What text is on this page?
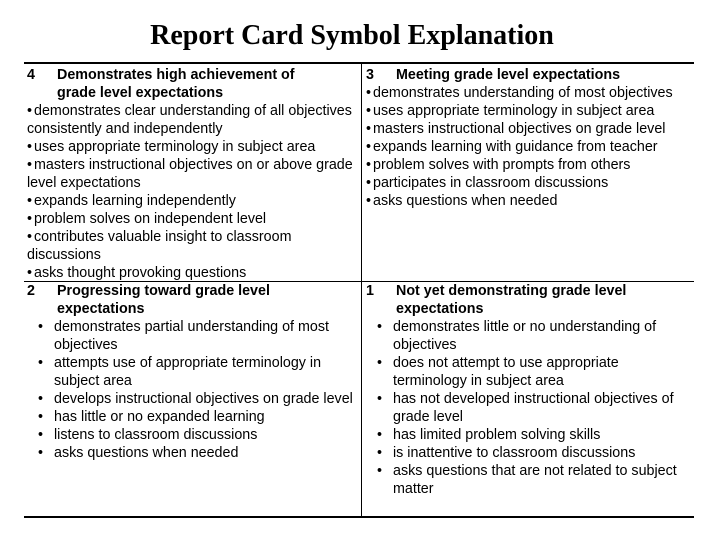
Report Card Symbol Explanation
4	Demonstrates high achievement of
grade level expectations
• demonstrates clear understanding of all objectives consistently and independently
• uses appropriate terminology in subject area
• masters instructional objectives on or above grade level expectations
• expands learning independently
• problem solves on independent level
• contributes valuable insight to classroom discussions
• asks thought provoking questions
3	Meeting grade level expectations
• demonstrates understanding of most objectives
• uses appropriate terminology in subject area
• masters instructional objectives on grade level
• expands learning with guidance from teacher
• problem solves with prompts from others
• participates in classroom discussions
• asks questions when needed
2	Progressing toward grade level
expectations
• demonstrates partial understanding of most objectives
• attempts use of appropriate terminology in subject area
• develops instructional objectives on grade level
• has little or no expanded learning
• listens to classroom discussions
• asks questions when needed
1	Not yet demonstrating grade level
expectations
• demonstrates little or no understanding of objectives
• does not attempt to use appropriate terminology in subject area
• has not developed instructional objectives of grade level
• has limited problem solving skills
• is inattentive to classroom discussions
• asks questions that are not related to subject matter
